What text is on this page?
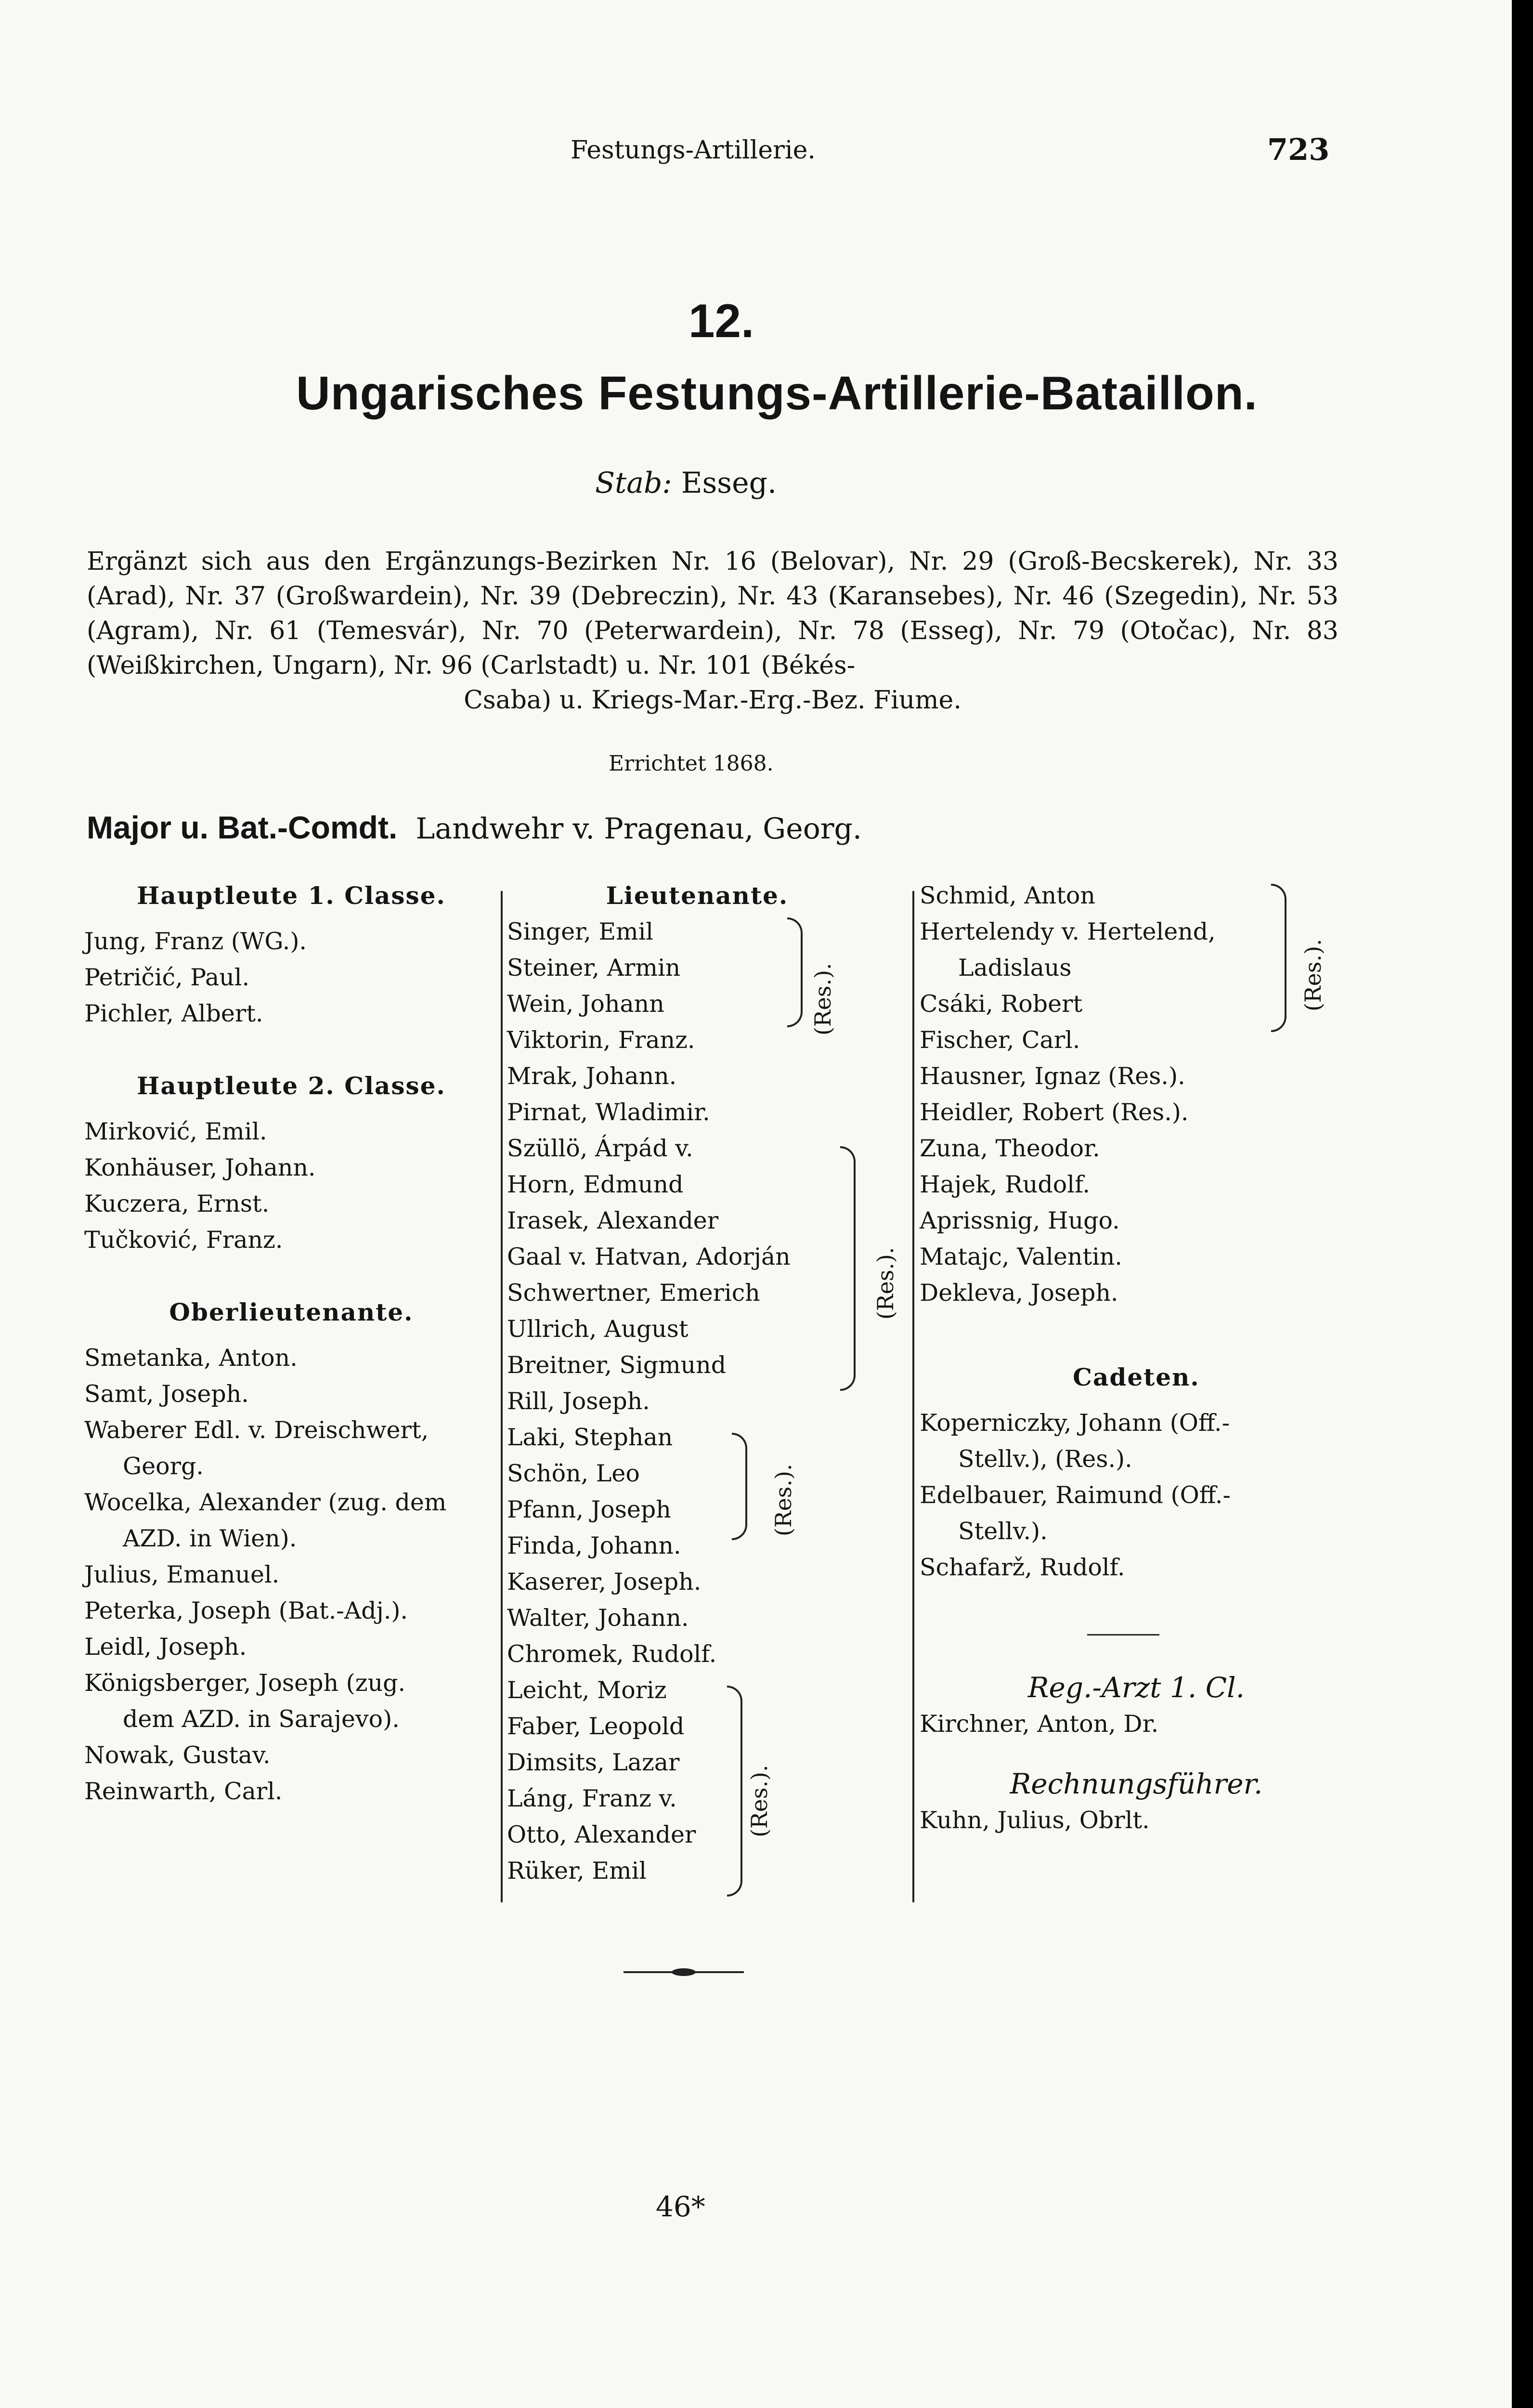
Festungs-Artillerie.	723
12.
Ungarisches Festungs-Artillerie-Bataillon.
Stab: Esseg.
Ergänzt sich aus den Ergänzungs-Bezirken Nr. 16 (Belovar), Nr. 29 (Groß-Becskerek), Nr. 33 (Arad), Nr. 37 (Großwardein), Nr. 39 (Debreczin), Nr. 43 (Karansebes), Nr. 46 (Szegedin), Nr. 53 (Agram), Nr. 61 (Temesvár), Nr. 70 (Peterwardein), Nr. 78 (Esseg), Nr. 79 (Otočac), Nr. 83 (Weißkirchen, Ungarn), Nr. 96 (Carlstadt) u. Nr. 101 (Békés-
Csaba) u. Kriegs-Mar.-Erg.-Bez. Fiume.
Errichtet 1868.
Major u. Bat.-Comdt. Landwehr v. Pragenau, Georg.
Hauptleute 1. Classe.
Jung, Franz (WG.).
Petričić, Paul.
Pichler, Albert.
Hauptleute 2. Classe.
Mirković, Emil.
Konhäuser, Johann.
Kuczera, Ernst.
Tučković, Franz.
Oberlieutenante.
Smetanka, Anton.
Samt, Joseph.
Waberer Edl. v. Dreischwert,
Georg.
Wocelka, Alexander (zug. dem
AZD. in Wien).
Julius, Emanuel.
Peterka, Joseph (Bat.-Adj.).
Leidl, Joseph.
Königsberger, Joseph (zug.
dem AZD. in Sarajevo).
Nowak, Gustav.
Reinwarth, Carl.
Lieutenante.
Singer, Emil
Steiner, Armin
Wein, Johann
Viktorin, Franz.
Mrak, Johann.
Pirnat, Wladimir.
Szüllö, Árpád v.
Horn, Edmund
Irasek, Alexander
Gaal v. Hatvan, Adorján
Schwertner, Emerich
Ullrich, August
Breitner, Sigmund
Rill, Joseph.
Laki, Stephan
Schön, Leo
Pfann, Joseph
Finda, Johann.
Kaserer, Joseph.
Walter, Johann.
Chromek, Rudolf.
Leicht, Moriz
Faber, Leopold
Dimsits, Lazar
Láng, Franz v.
Otto, Alexander
Rüker, Emil
(Res.).
(Res.).
(Res.).
(Res.).
Schmid, Anton
Hertelendy v. Hertelend,
Ladislaus
Csáki, Robert
Fischer, Carl.
Hausner, Ignaz (Res.).
Heidler, Robert (Res.).
Zuna, Theodor.
Hajek, Rudolf.
Aprissnig, Hugo.
Matajc, Valentin.
Dekleva, Joseph.
Cadeten.
Koperniczky, Johann (Off.-
Stellv.), (Res.).
Edelbauer, Raimund (Off.-
Stellv.).
Schafarž, Rudolf.
Reg.-Arzt 1. Cl.
Kirchner, Anton, Dr.
Rechnungsführer.
Kuhn, Julius, Obrlt.
(Res.).
46*
